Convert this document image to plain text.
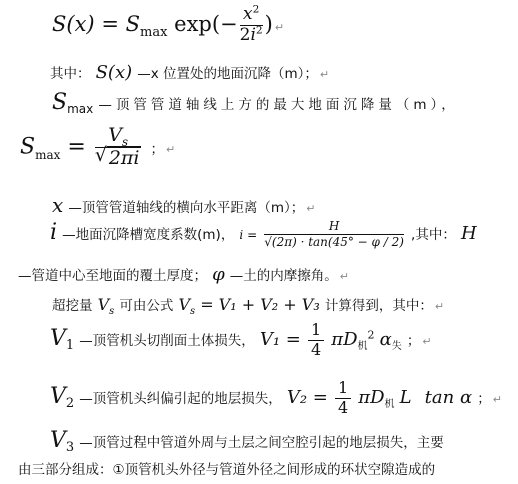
$S(x) = S_{max}$ $\exp(- \frac{x^2}{2i^2}$ ) ↵
其中： S(x) —x 位置处的地面沉降（m）； ↵
$S_{max}$ —顶管管道轴线上方的最大地面沉降量（m），
$S_{max} = \frac{V_s}{√ 2\pi i}$ ； ↵
x —顶管管道轴线的横向水平距离（m）； ↵
i —地面沉降槽宽度系数(m)， $i = \frac{H}{√(2\pi) \cdot \tan(45^\circ - \varphi / 2)}$ ,其中： H
—管道中心至地面的覆土厚度； φ —土的内摩擦角。 ↵
超挖量 $V_s$ 可由公式 $V_s = V_1 + V_2 + V_3$ 计算得到，其中： ↵
$V_1$ —顶管机头切削面土体损失， $V_1 = \frac{1}{4} \pi D_机^2$ $\alpha_失$ ； ↵
$V_2$ —顶管机头纠偏引起的地层损失， $V_2 = \frac{1}{4} \pi D_机$ L tan α ； ↵
$V_3$ —顶管过程中管道外周与土层之间空腔引起的地层损失，主要
由三部分组成：①顶管机头外径与管道外径之间形成的环状空隙造成的
